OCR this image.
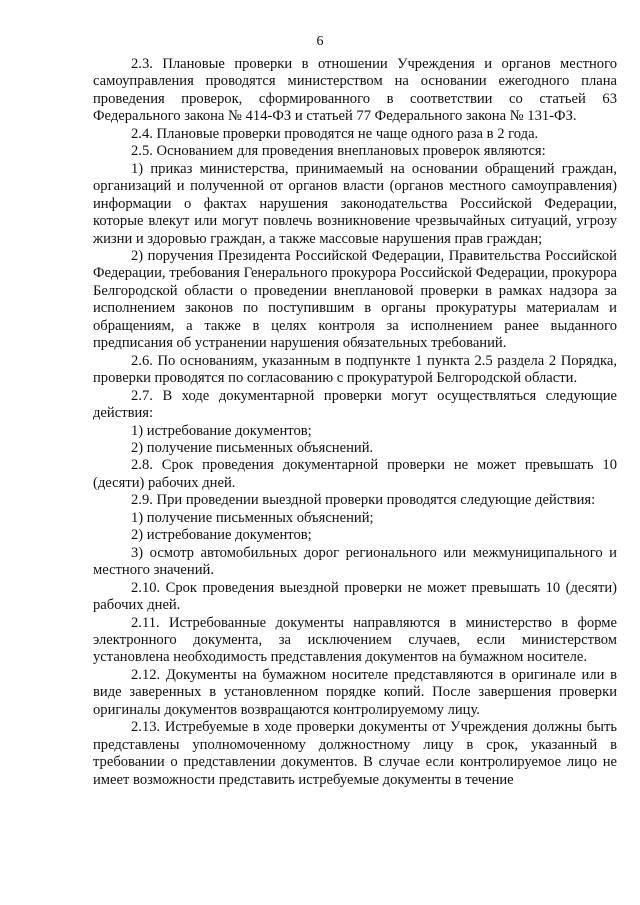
6

2.3. Плановые проверки в отношении Учреждения и органов местного самоуправления проводятся министерством на основании ежегодного плана проведения проверок, сформированного в соответствии со статьей 63 Федерального закона № 414-ФЗ и статьей 77 Федерального закона № 131-ФЗ.

2.4. Плановые проверки проводятся не чаще одного раза в 2 года.

2.5. Основанием для проведения внеплановых проверок являются:

1) приказ министерства, принимаемый на основании обращений граждан, организаций и полученной от органов власти (органов местного самоуправления) информации о фактах нарушения законодательства Российской Федерации, которые влекут или могут повлечь возникновение чрезвычайных ситуаций, угрозу жизни и здоровью граждан, а также массовые нарушения прав граждан;

2) поручения Президента Российской Федерации, Правительства Российской Федерации, требования Генерального прокурора Российской Федерации, прокурора Белгородской области о проведении внеплановой проверки в рамках надзора за исполнением законов по поступившим в органы прокуратуры материалам и обращениям, а также в целях контроля за исполнением ранее выданного предписания об устранении нарушения обязательных требований.

2.6. По основаниям, указанным в подпункте 1 пункта 2.5 раздела 2 Порядка, проверки проводятся по согласованию с прокуратурой Белгородской области.

2.7. В ходе документарной проверки могут осуществляться следующие действия:

1) истребование документов;

2) получение письменных объяснений.

2.8. Срок проведения документарной проверки не может превышать 10 (десяти) рабочих дней.

2.9. При проведении выездной проверки проводятся следующие действия:

1) получение письменных объяснений;

2) истребование документов;

3) осмотр автомобильных дорог регионального или межмуниципального и местного значений.

2.10. Срок проведения выездной проверки не может превышать 10 (десяти) рабочих дней.

2.11. Истребованные документы направляются в министерство в форме электронного документа, за исключением случаев, если министерством установлена необходимость представления документов на бумажном носителе.

2.12. Документы на бумажном носителе представляются в оригинале или в виде заверенных в установленном порядке копий. После завершения проверки оригиналы документов возвращаются контролируемому лицу.

2.13. Истребуемые в ходе проверки документы от Учреждения должны быть представлены уполномоченному должностному лицу в срок, указанный в требовании о представлении документов. В случае если контролируемое лицо не имеет возможности представить истребуемые документы в течение
